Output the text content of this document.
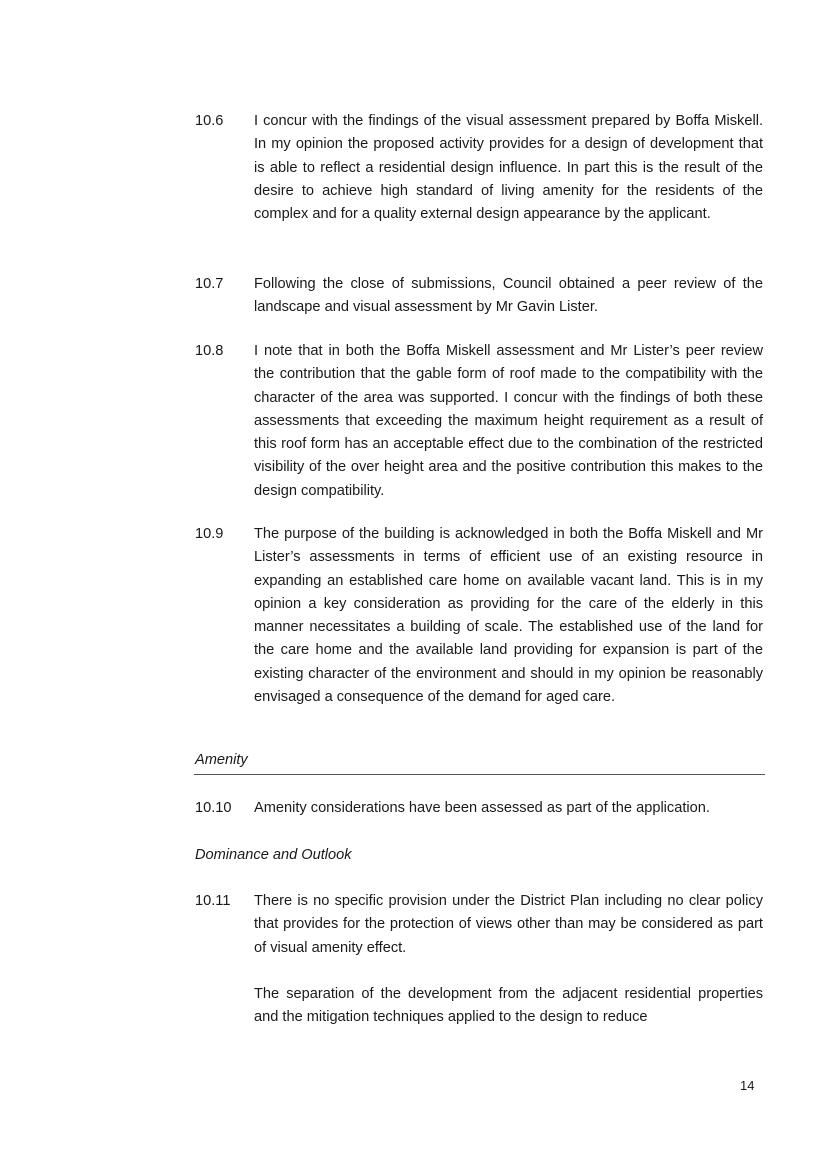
10.6	I concur with the findings of the visual assessment prepared by Boffa Miskell. In my opinion the proposed activity provides for a design of development that is able to reflect a residential design influence. In part this is the result of the desire to achieve high standard of living amenity for the residents of the complex and for a quality external design appearance by the applicant.
10.7	Following the close of submissions, Council obtained a peer review of the landscape and visual assessment by Mr Gavin Lister.
10.8	I note that in both the Boffa Miskell assessment and Mr Lister’s peer review the contribution that the gable form of roof made to the compatibility with the character of the area was supported. I concur with the findings of both these assessments that exceeding the maximum height requirement as a result of this roof form has an acceptable effect due to the combination of the restricted visibility of the over height area and the positive contribution this makes to the design compatibility.
10.9	The purpose of the building is acknowledged in both the Boffa Miskell and Mr Lister’s assessments in terms of efficient use of an existing resource in expanding an established care home on available vacant land. This is in my opinion a key consideration as providing for the care of the elderly in this manner necessitates a building of scale. The established use of the land for the care home and the available land providing for expansion is part of the existing character of the environment and should in my opinion be reasonably envisaged a consequence of the demand for aged care.
Amenity
10.10	Amenity considerations have been assessed as part of the application.
Dominance and Outlook
10.11	There is no specific provision under the District Plan including no clear policy that provides for the protection of views other than may be considered as part of visual amenity effect.
The separation of the development from the adjacent residential properties and the mitigation techniques applied to the design to reduce
14
